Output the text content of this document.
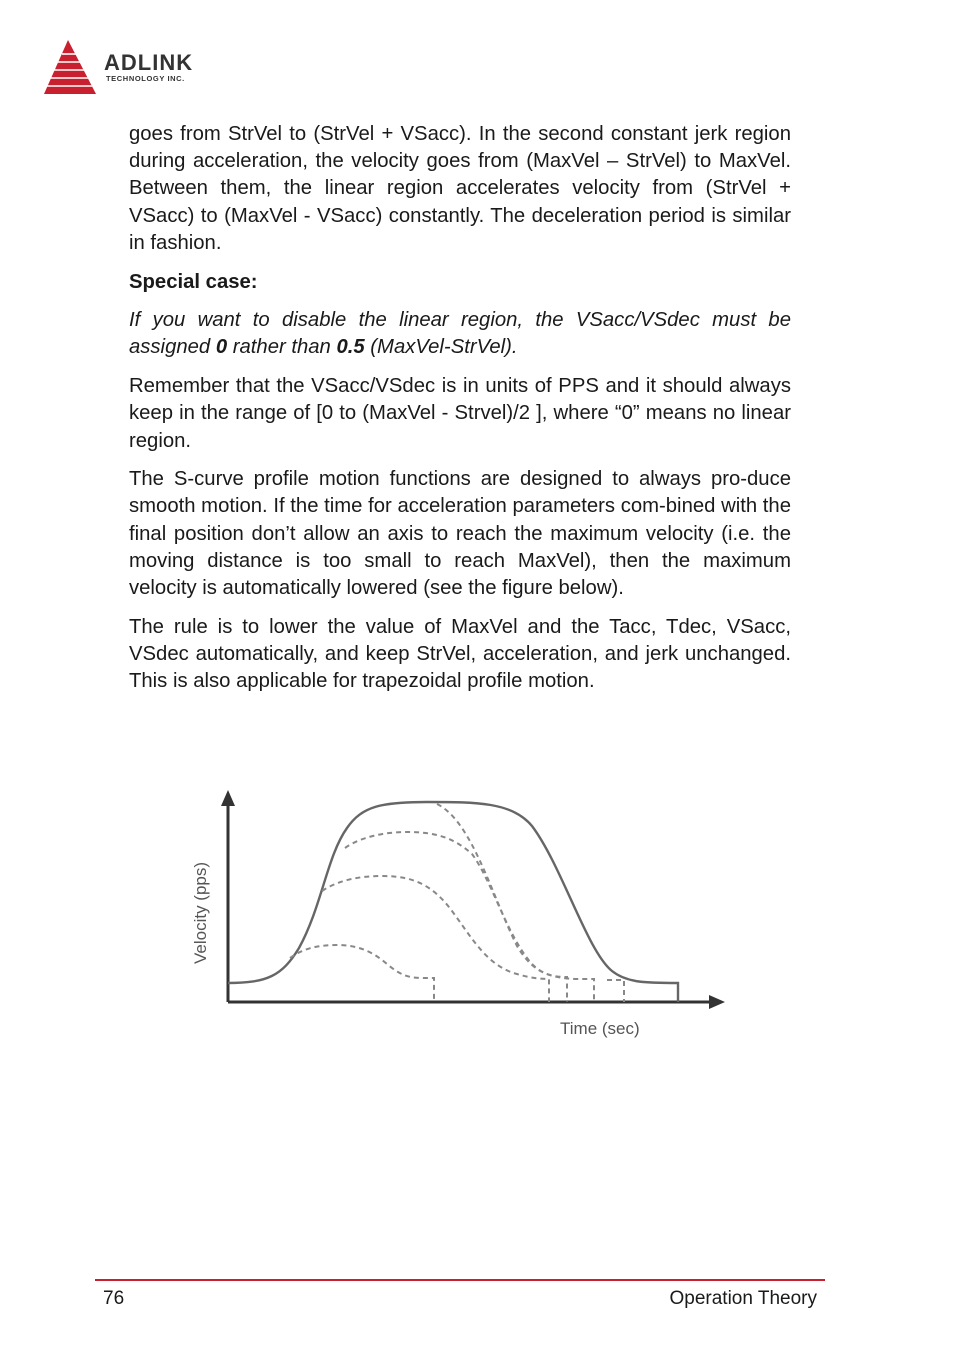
ADLINK
TECHNOLOGY INC.

goes from StrVel to (StrVel + VSacc). In the second constant jerk region during acceleration, the velocity goes from (MaxVel – StrVel) to MaxVel. Between them, the linear region accelerates velocity from (StrVel + VSacc) to (MaxVel - VSacc) constantly. The deceleration period is similar in fashion.

Special case:

If you want to disable the linear region, the VSacc/VSdec must be assigned 0 rather than 0.5 (MaxVel-StrVel).

Remember that the VSacc/VSdec is in units of PPS and it should always keep in the range of [0 to (MaxVel - Strvel)/2 ], where “0” means no linear region.

The S-curve profile motion functions are designed to always pro-duce smooth motion. If the time for acceleration parameters com-bined with the final position don’t allow an axis to reach the maximum velocity (i.e. the moving distance is too small to reach MaxVel), then the maximum velocity is automatically lowered (see the figure below).

The rule is to lower the value of MaxVel and the Tacc, Tdec, VSacc, VSdec automatically, and keep StrVel, acceleration, and jerk unchanged. This is also applicable for trapezoidal profile motion.

Velocity (pps)
Time (sec)
76	Operation Theory
